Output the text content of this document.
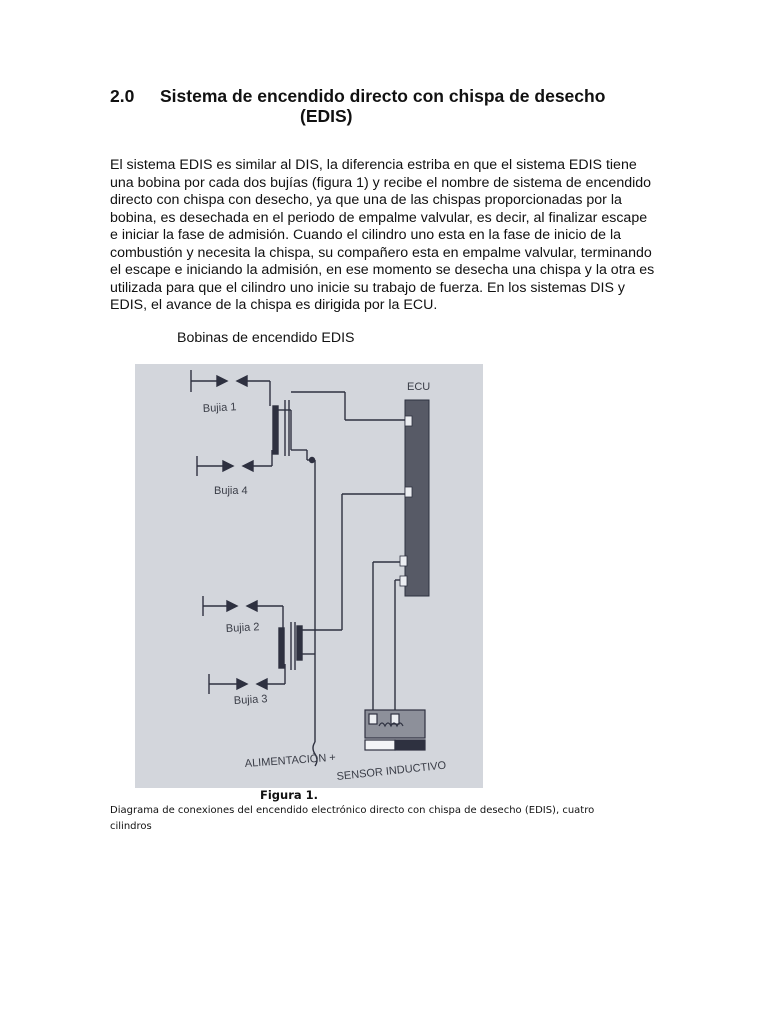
2.0 Sistema de encendido directo con chispa de desecho
(EDIS)
El sistema EDIS es similar al DIS, la diferencia estriba en que el sistema EDIS tiene
una bobina por cada dos bujías (figura 1) y recibe el nombre de sistema de encendido
directo con chispa con desecho, ya que una de las chispas proporcionadas por la
bobina, es desechada en el periodo de empalme valvular, es decir, al finalizar escape
e iniciar la fase de admisión. Cuando el cilindro uno esta en la fase de inicio de la
combustión y necesita la chispa, su compañero esta en empalme valvular, terminando
el escape e iniciando la admisión, en ese momento se desecha una chispa y la otra es
utilizada para que el cilindro uno inicie su trabajo de fuerza. En los sistemas DIS y
EDIS, el avance de la chispa es dirigida por la ECU.
Bobinas de encendido EDIS
ECU
Bujia 1
Bujia 4
Bujia 2
Bujia 3
ALIMENTACIÓN + SENSOR INDUCTIVO
Figura 1.
Diagrama de conexiones del encendido electrónico directo con chispa de desecho (EDIS), cuatro
cilindros
